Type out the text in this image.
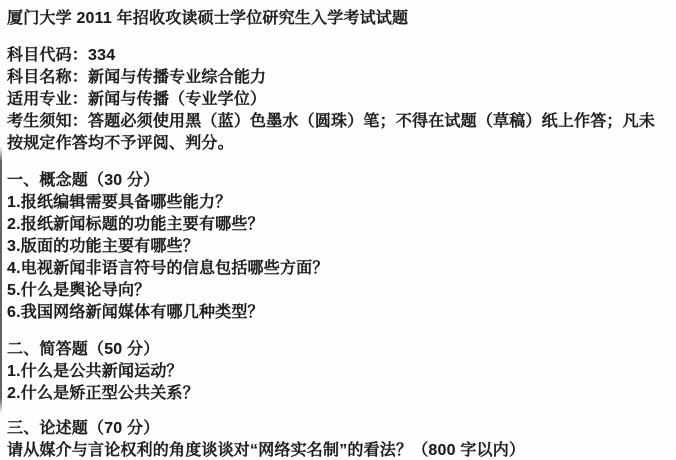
厦门大学 2011 年招收攻读硕士学位研究生入学考试试题

科目代码：334

科目名称：新闻与传播专业综合能力

适用专业：新闻与传播（专业学位）

考生须知：答题必须使用黑（蓝）色墨水（圆珠）笔；不得在试题（草稿）纸上作答；凡未按规定作答均不予评阅、判分。

一、概念题（30 分）

1.报纸编辑需要具备哪些能力？

2.报纸新闻标题的功能主要有哪些？

3.版面的功能主要有哪些？

4.电视新闻非语言符号的信息包括哪些方面？

5.什么是舆论导向？

6.我国网络新闻媒体有哪几种类型？

二、简答题（50 分）

1.什么是公共新闻运动？

2.什么是矫正型公共关系？

三、论述题（70 分）

请从媒介与言论权利的角度谈谈对“网络实名制”的看法？（800 字以内）
